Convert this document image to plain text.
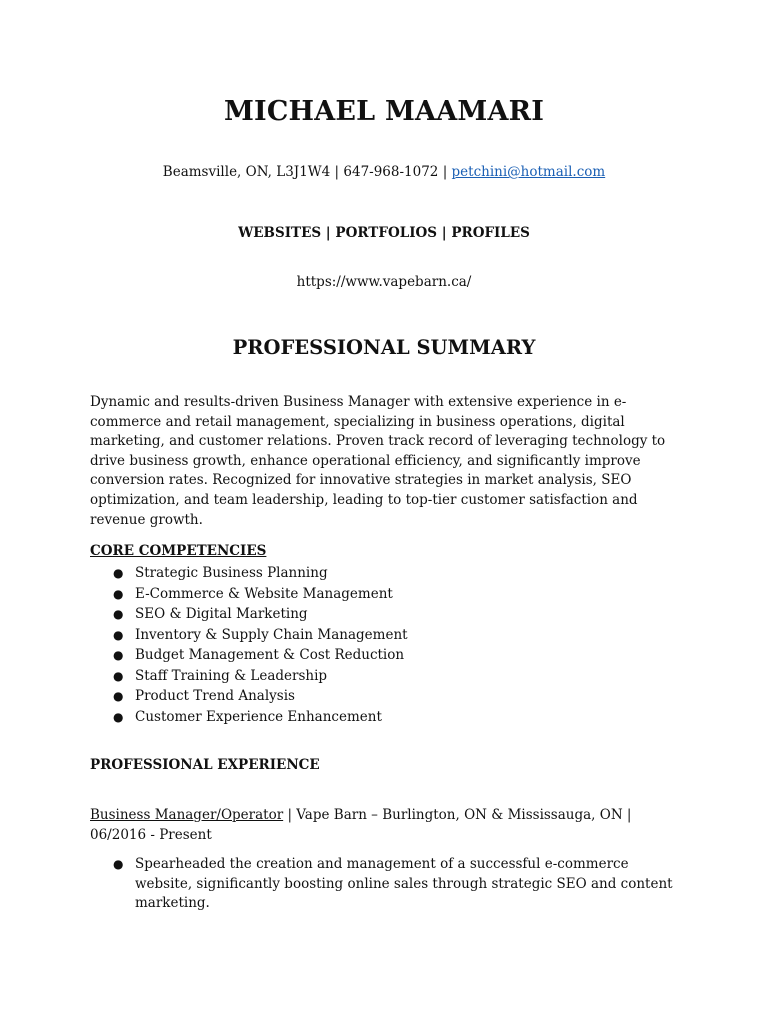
MICHAEL MAAMARI
Beamsville, ON, L3J1W4 | 647-968-1072 | petchini@hotmail.com
WEBSITES | PORTFOLIOS | PROFILES
https://www.vapebarn.ca/
PROFESSIONAL SUMMARY
Dynamic and results-driven Business Manager with extensive experience in e-commerce and retail management, specializing in business operations, digital marketing, and customer relations. Proven track record of leveraging technology to drive business growth, enhance operational efficiency, and significantly improve conversion rates. Recognized for innovative strategies in market analysis, SEO optimization, and team leadership, leading to top-tier customer satisfaction and revenue growth.
CORE COMPETENCIES
● Strategic Business Planning
● E-Commerce & Website Management
● SEO & Digital Marketing
● Inventory & Supply Chain Management
● Budget Management & Cost Reduction
● Staff Training & Leadership
● Product Trend Analysis
● Customer Experience Enhancement
PROFESSIONAL EXPERIENCE
Business Manager/Operator | Vape Barn – Burlington, ON & Mississauga, ON | 06/2016 - Present
● Spearheaded the creation and management of a successful e-commerce website, significantly boosting online sales through strategic SEO and content marketing.
